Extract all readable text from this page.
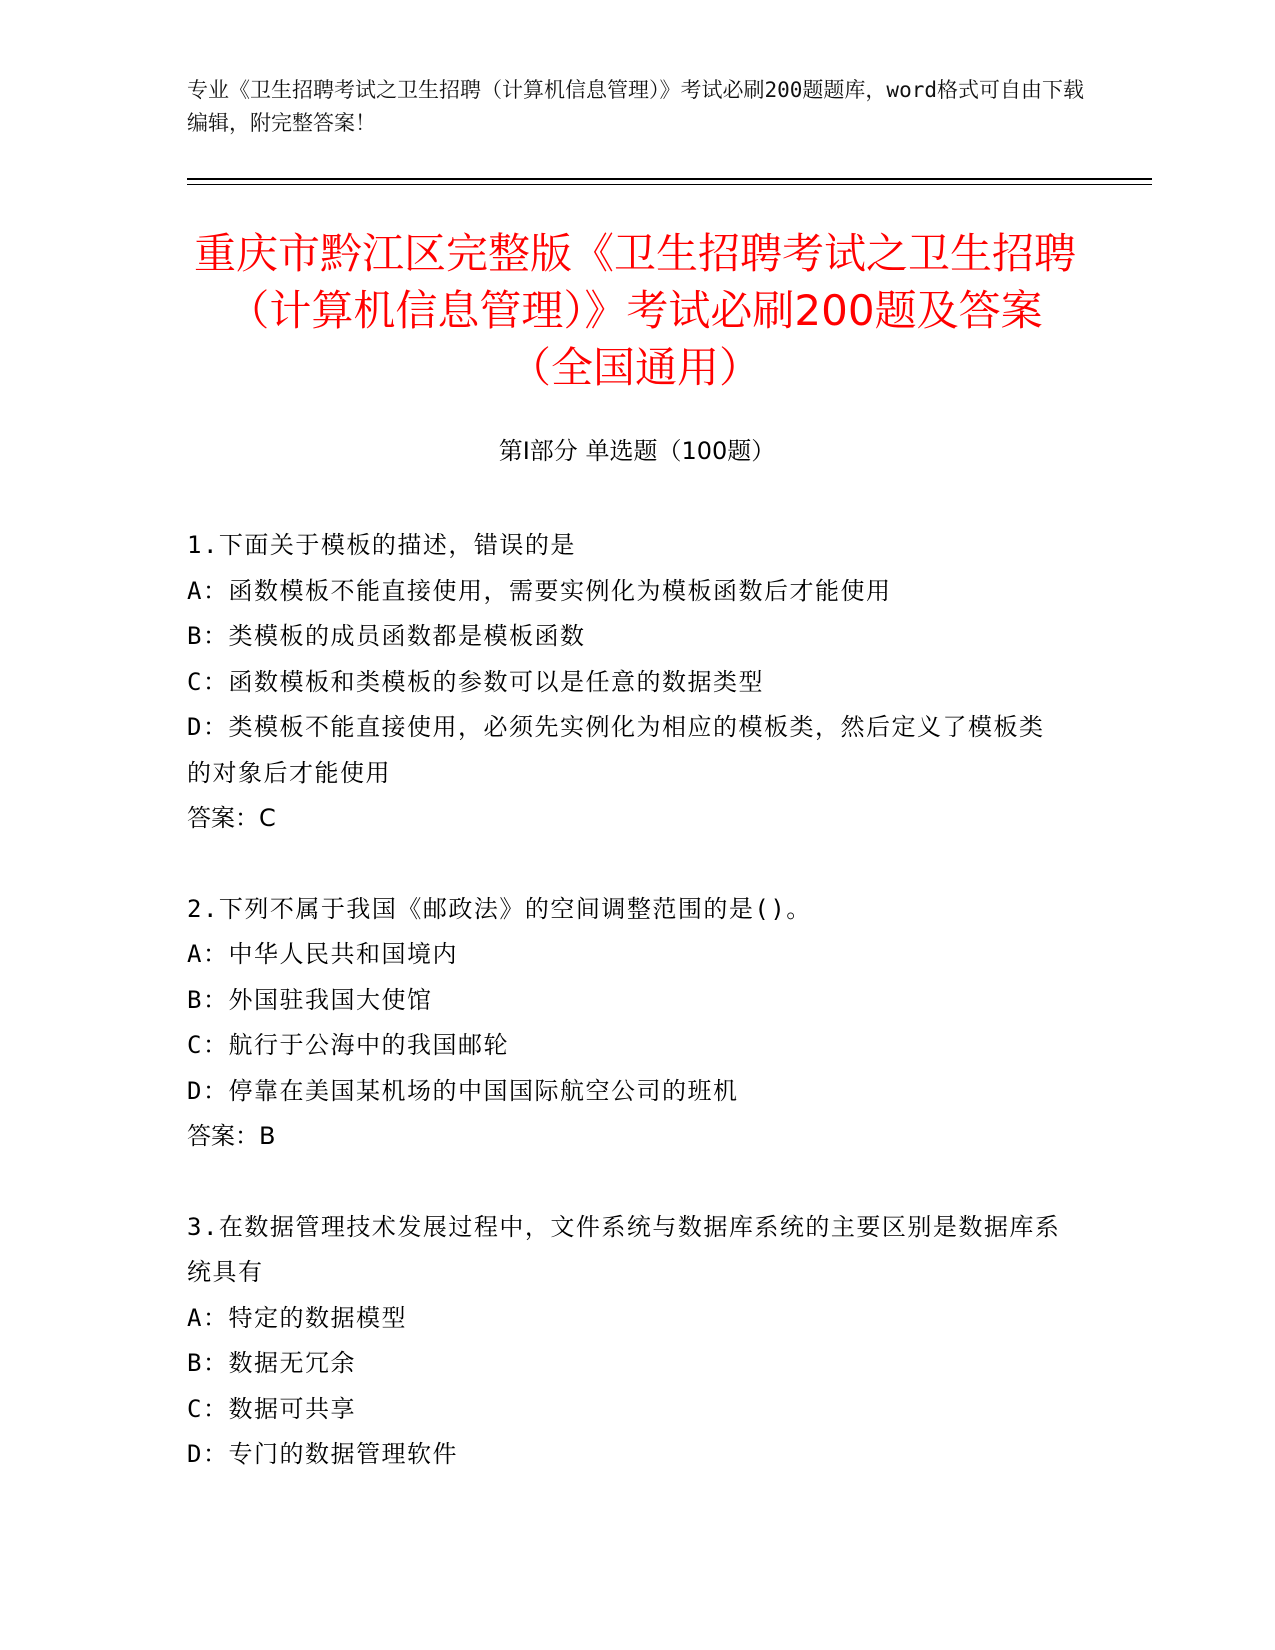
专业《卫生招聘考试之卫生招聘（计算机信息管理）》考试必刷200题题库，word格式可自由下载编辑，附完整答案！
重庆市黔江区完整版《卫生招聘考试之卫生招聘（计算机信息管理）》考试必刷200题及答案（全国通用）
第Ⅰ部分 单选题（100题）

1.下面关于模板的描述，错误的是

A：函数模板不能直接使用，需要实例化为模板函数后才能使用

B：类模板的成员函数都是模板函数

C：函数模板和类模板的参数可以是任意的数据类型

D：类模板不能直接使用，必须先实例化为相应的模板类，然后定义了模板类的对象后才能使用

答案：C

2.下列不属于我国《邮政法》的空间调整范围的是()。

A：中华人民共和国境内

B：外国驻我国大使馆

C：航行于公海中的我国邮轮

D：停靠在美国某机场的中国国际航空公司的班机

答案：B

3.在数据管理技术发展过程中，文件系统与数据库系统的主要区别是数据库系统具有

A：特定的数据模型

B：数据无冗余

C：数据可共享

D：专门的数据管理软件
